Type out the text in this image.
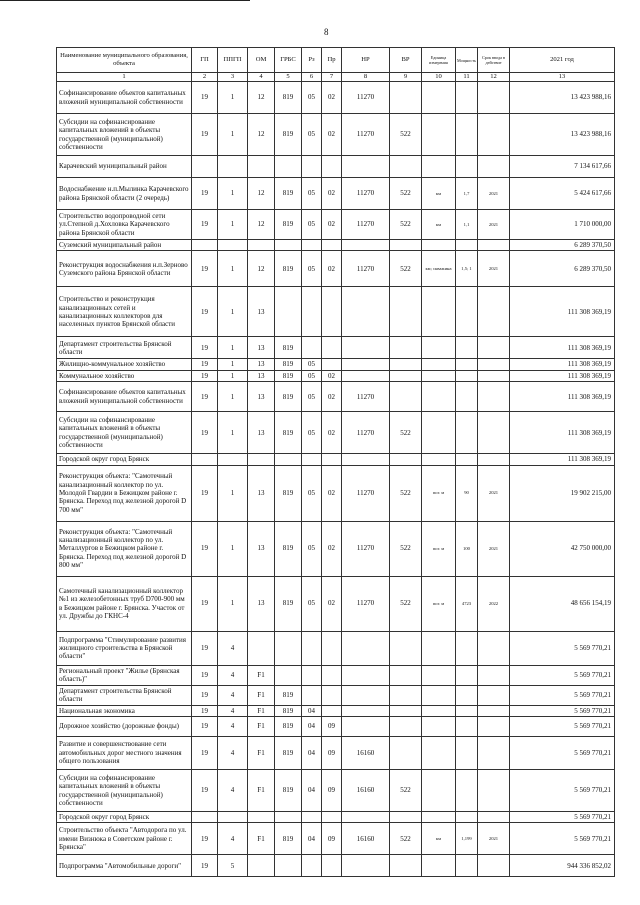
8
Наименование муниципального образования, объекта	ГП	ППГП	ОМ	ГРБС	Рз	Пр	НР	ВР	Единица измерения	Мощность	Срок ввода в действие	2021 год
1	2	3	4	5	6	7	8	9	10	11	12	13
Софинансирование объектов капитальных вложений муниципальной собственности	19	1	12	819	05	02	11270					13 423 988,16
Субсидии на софинансирование капитальных вложений в объекты государственной (муниципальной) собственности	19	1	12	819	05	02	11270	522				13 423 988,16
Карачевский муниципальный район												7 134 617,66
Водоснабжение н.п.Мылинка Карачевского района Брянской области (2 очередь)	19	1	12	819	05	02	11270	522	км	1,7	2021	5 424 617,66
Строительство водопроводной сети ул.Степной д.Хохловка Карачевского района Брянской области	19	1	12	819	05	02	11270	522	км	1,1	2021	1 710 000,00
Суземский муниципальный район												6 289 370,50
Реконструкция водоснабжения н.п.Зерново Суземского района Брянской области	19	1	12	819	05	02	11270	522	км; скважина	1,5; 1	2021	6 289 370,50
Строительство и реконструкция канализационных сетей и канализационных коллекторов для населенных пунктов Брянской области	19	1	13									111 308 369,19
Департамент строительства Брянской области	19	1	13	819								111 308 369,19
Жилищно-коммунальное хозяйство	19	1	13	819	05							111 308 369,19
Коммунальное хозяйство	19	1	13	819	05	02						111 308 369,19
Софинансирование объектов капитальных вложений муниципальной собственности	19	1	13	819	05	02	11270					111 308 369,19
Субсидии на софинансирование капитальных вложений в объекты государственной (муниципальной) собственности	19	1	13	819	05	02	11270	522				111 308 369,19
Городской округ город Брянск												111 308 369,19
Реконструкция объекта: "Самотечный канализационный коллектор по ул. Молодой Гвардии в Бежицком районе г. Брянска. Переход под железной дорогой D 700 мм"	19	1	13	819	05	02	11270	522	пог. м	90	2021	19 902 215,00
Реконструкция объекта: "Самотечный канализационный коллектор по ул. Металлургов в Бежицком районе г. Брянска. Переход под железной дорогой D 800 мм"	19	1	13	819	05	02	11270	522	пог. м	100	2021	42 750 000,00
Самотечный канализационный коллектор №1 из железобетонных труб D700-900 мм в Бежицком районе г. Брянска. Участок от ул. Дружбы до ГКНС-4	19	1	13	819	05	02	11270	522	пог. м	4723	2022	48 656 154,19
Подпрограмма "Стимулирование развития жилищного строительства в Брянской области"	19	4										5 569 770,21
Региональный проект "Жилье (Брянская область)"	19	4	F1									5 569 770,21
Департамент строительства Брянской области	19	4	F1	819								5 569 770,21
Национальная экономика	19	4	F1	819	04							5 569 770,21
Дорожное хозяйство (дорожные фонды)	19	4	F1	819	04	09						5 569 770,21
Развитие и совершенствование сети автомобильных дорог местного значения общего пользования	19	4	F1	819	04	09	16160					5 569 770,21
Субсидии на софинансирование капитальных вложений в объекты государственной (муниципальной) собственности	19	4	F1	819	04	09	16160	522				5 569 770,21
Городской округ город Брянск												5 569 770,21
Строительство объекта "Автодорога по ул. имени Визнюка в Советском районе г. Брянска"	19	4	F1	819	04	09	16160	522	км	1,199	2021	5 569 770,21
Подпрограмма "Автомобильные дороги"	19	5										944 336 852,02
